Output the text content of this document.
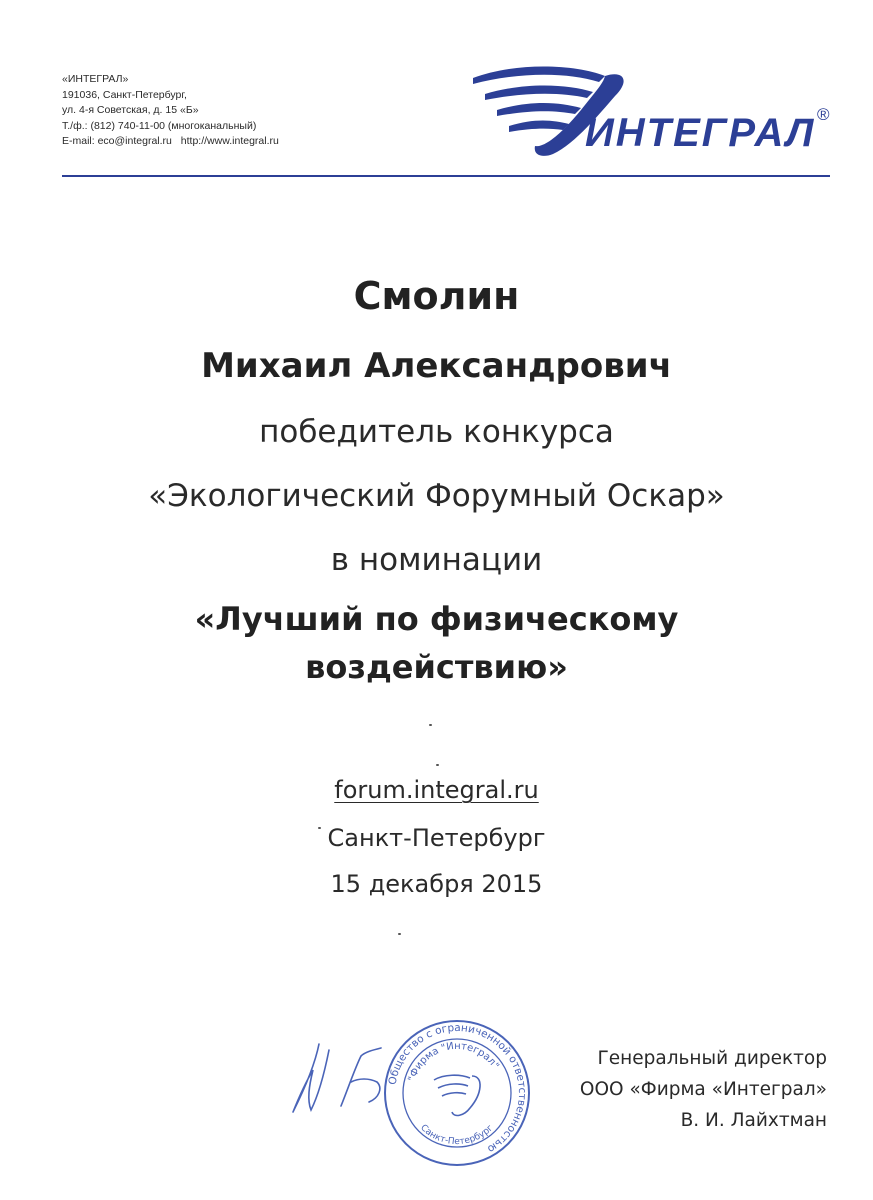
«ИНТЕГРАЛ»
191036, Санкт-Петербург,
ул. 4-я Советская, д. 15 «Б»
Т./ф.: (812) 740-11-00 (многоканальный)
E-mail: eco@integral.ru http://www.integral.ru	ИНТЕГРАЛ ®
Смолин
Михаил Александрович
победитель конкурса
«Экологический Форумный Оскар»
в номинации
«Лучший по физическому
воздействию»
forum.integral.ru
Санкт-Петербург
15 декабря 2015
Общество с ограниченной ответственностью
"Фирма "Интеграл"
Санкт-Петербург
Генеральный директор
ООО «Фирма «Интеграл»
В. И. Лайхтман
